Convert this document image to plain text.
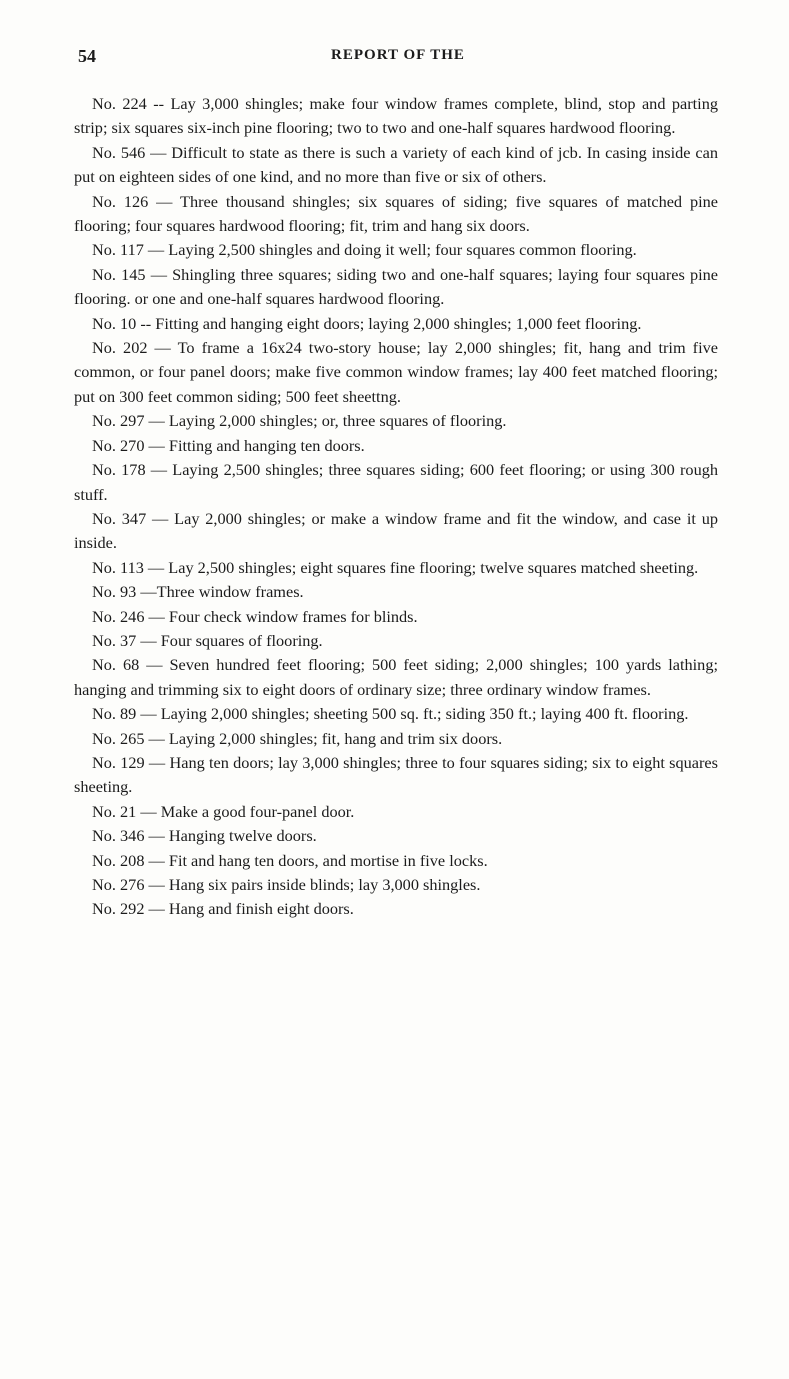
54	REPORT OF THE

No. 224 -- Lay 3,000 shingles; make four window frames complete, blind, stop and parting strip; six squares six-inch pine flooring; two to two and one-half squares hardwood flooring.

No. 546 — Difficult to state as there is such a variety of each kind of jcb. In casing inside can put on eighteen sides of one kind, and no more than five or six of others.

No. 126 — Three thousand shingles; six squares of siding; five squares of matched pine flooring; four squares hardwood flooring; fit, trim and hang six doors.

No. 117 — Laying 2,500 shingles and doing it well; four squares common flooring.

No. 145 — Shingling three squares; siding two and one-half squares; laying four squares pine flooring. or one and one-half squares hardwood flooring.

No. 10 -- Fitting and hanging eight doors; laying 2,000 shingles; 1,000 feet flooring.

No. 202 — To frame a 16x24 two-story house; lay 2,000 shingles; fit, hang and trim five common, or four panel doors; make five common window frames; lay 400 feet matched flooring; put on 300 feet common siding; 500 feet sheettng.

No. 297 — Laying 2,000 shingles; or, three squares of flooring.

No. 270 — Fitting and hanging ten doors.

No. 178 — Laying 2,500 shingles; three squares siding; 600 feet flooring; or using 300 rough stuff.

No. 347 — Lay 2,000 shingles; or make a window frame and fit the window, and case it up inside.

No. 113 — Lay 2,500 shingles; eight squares fine flooring; twelve squares matched sheeting.

No. 93 —Three window frames.

No. 246 — Four check window frames for blinds.

No. 37 — Four squares of flooring.

No. 68 — Seven hundred feet flooring; 500 feet siding; 2,000 shingles; 100 yards lathing; hanging and trimming six to eight doors of ordinary size; three ordinary window frames.

No. 89 — Laying 2,000 shingles; sheeting 500 sq. ft.; siding 350 ft.; laying 400 ft. flooring.

No. 265 — Laying 2,000 shingles; fit, hang and trim six doors.

No. 129 — Hang ten doors; lay 3,000 shingles; three to four squares siding; six to eight squares sheeting.

No. 21 — Make a good four-panel door.

No. 346 — Hanging twelve doors.

No. 208 — Fit and hang ten doors, and mortise in five locks.

No. 276 — Hang six pairs inside blinds; lay 3,000 shingles.

No. 292 — Hang and finish eight doors.
